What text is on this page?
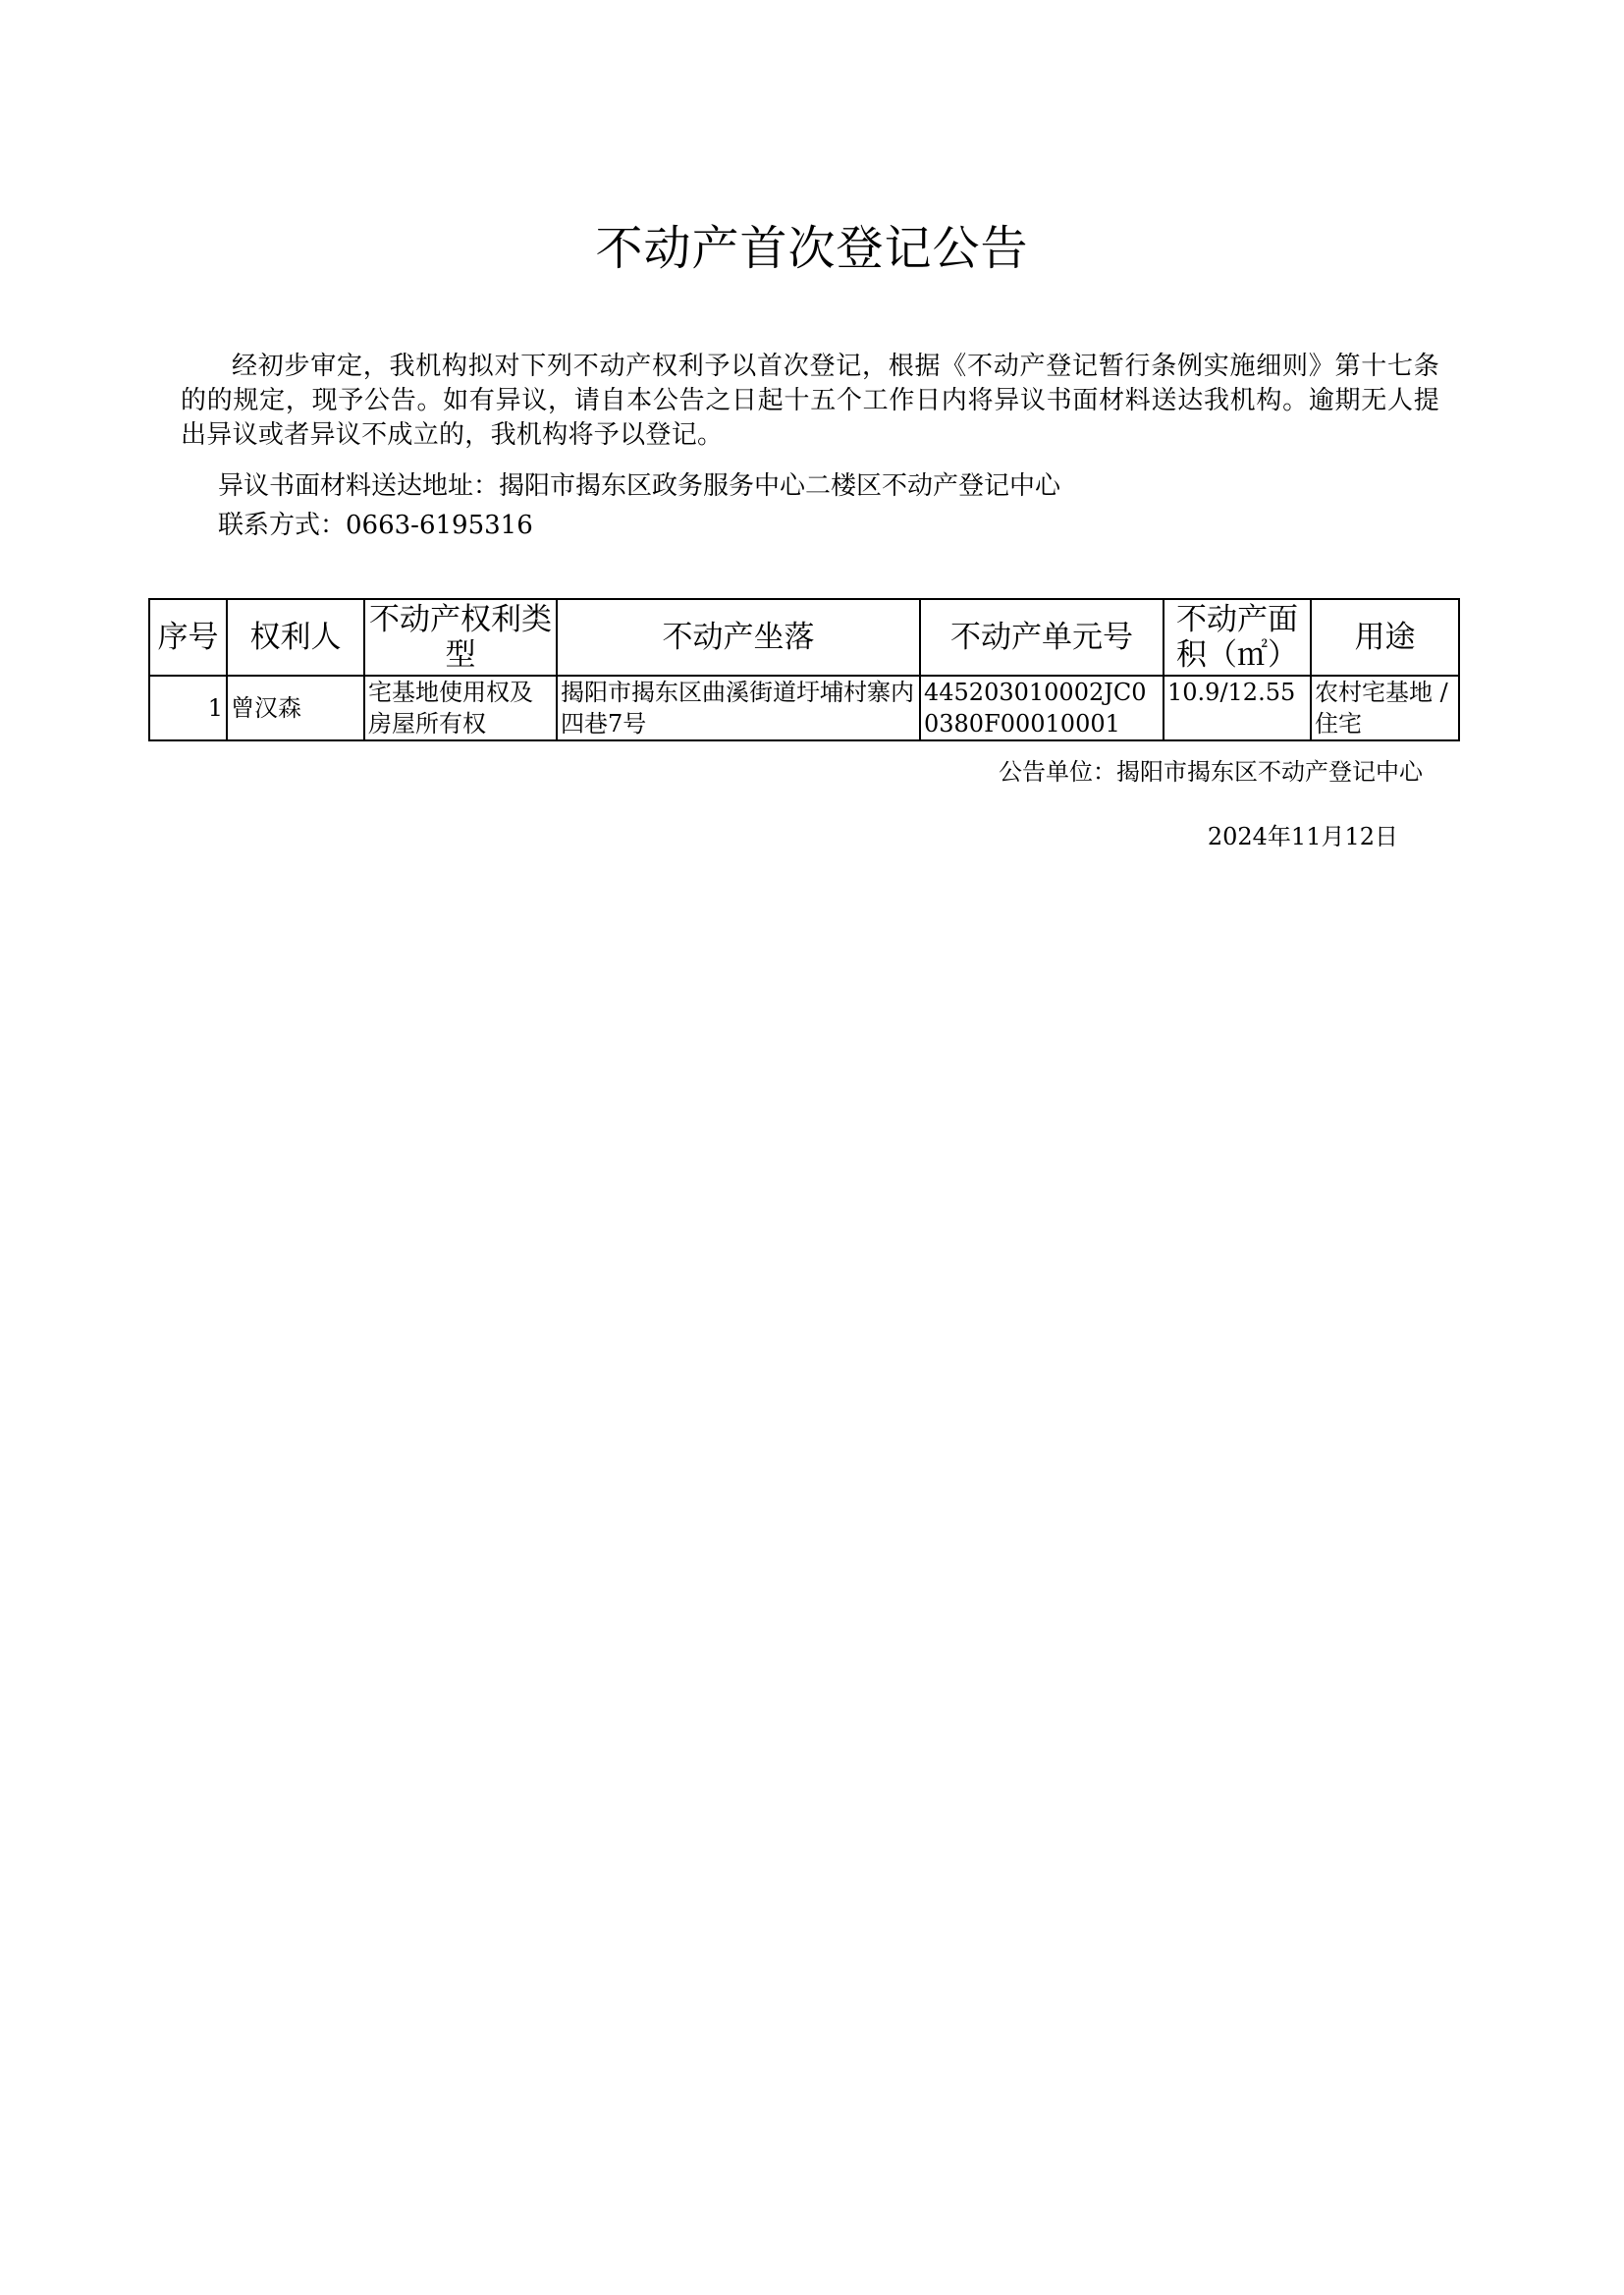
不动产首次登记公告
经初步审定，我机构拟对下列不动产权利予以首次登记，根据《不动产登记暂行条例实施细则》第十七条的的规定，现予公告。如有异议，请自本公告之日起十五个工作日内将异议书面材料送达我机构。逾期无人提出异议或者异议不成立的，我机构将予以登记。
异议书面材料送达地址：揭阳市揭东区政务服务中心二楼区不动产登记中心
联系方式：0663-6195316
序号	权利人	不动产权利类型	不动产坐落	不动产单元号	不动产面积（㎡）	用途
1	曾汉森	宅基地使用权及房屋所有权	揭阳市揭东区曲溪街道圩埔村寨内四巷7号	445203010002JC00380F00010001	10.9/12.55	农村宅基地 / 住宅
公告单位：揭阳市揭东区不动产登记中心
2024年11月12日
